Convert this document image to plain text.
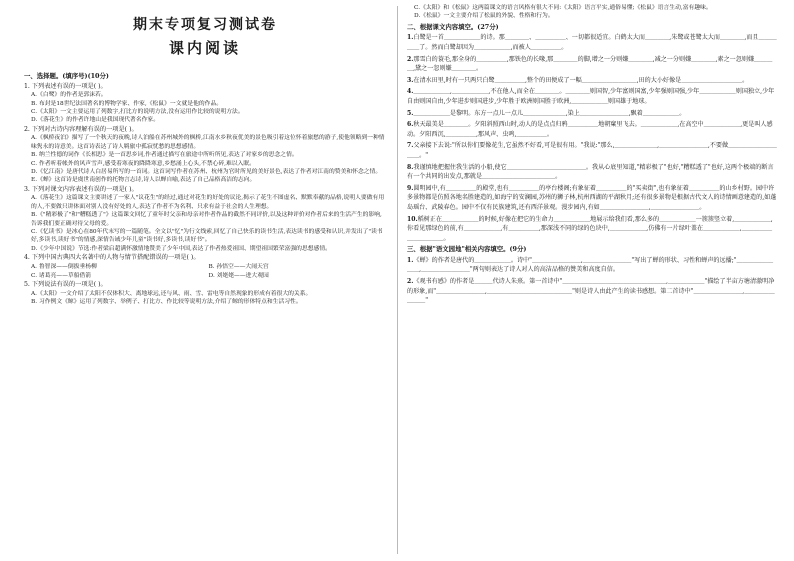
期末专项复习测试卷
课内阅读
一、选择题。(填序号)(10分)
1. 下列表述有误的一项是( )。
A.《白鹭》的作者是郭沫若。
B. 布封是18世纪法国著名的博物学家、作家,《松鼠》一文就是他的作品。
C.《太阳》一文主要运用了列数字,打比方的说明方法,没有运用作比较的说明方法。
D.《落花生》的作者许地山是我国现代著名作家。
2. 下列对古诗内容理解有误的一项是( )。
A.《枫桥夜泊》描写了一个秋天的夜晚,诗人泊船在苏州城外的枫桥,江南水乡秋夜优美的景色吸引着这位怀着旅愁的游子,使他领略到一种情味隽永的诗意美。这首诗表达了诗人羁旅中孤寂忧愁的思想感情。
B. 纳兰性德的词作《长相思》是一首思乡词,作者通过描写在旅途中所听所见,表达了对家乡的思念之情。
C. 作者听着帐外的风声雪声,感受着寒夜的降降寒意,乡愁涌上心头,不禁心碎,难以入眠。
D.《忆江南》是唐代诗人白居易所写的一首词。这首词写作者在苏州、杭州为官时所见的美好景色,表达了作者对江南的赞美和怀念之情。
E.《蝉》这首诗是虞世南创作的托物言志诗,诗人以蝉自喻,表达了自己品格高洁的志向。
3. 下列对课文内容表述有误的一项是( )。
A.《落花生》这篇课文主要讲述了一家人"议花生"的经过,通过对花生的好处的议论,揭示了花生不图虚名、默默奉献的品格,说明人要做有用的人,不要做只讲体面对别人没有好处的人,表达了作者不为名利、只求有益于社会的人生理想。
B.《"精彩极了"和"糟糕透了"》这篇课文回忆了童年时父亲和母亲对作者作品的截然不同评价,以及这种评价对作者后来的生活产生的影响,告诉我们要正确对待父母的爱。
C.《忆读书》是冰心在80年代末写的一篇随笔。全文以"忆"为行文线索,回忆了自己快乐的读书生活,表达读书的感受和认识,并发出了"读书好,多读书,读好书"的情感,深情告诫少年儿童"读书好,多读书,读好书"。
D.《少年中国说》节选:作者梁启超满怀激情地赞美了少年中国,表达了作者热爱祖国、期望祖国繁荣富强的思想感情。
4. 下列中国古典四大名著中的人物与情节搭配错误的一项是( )。
A. 鲁智深——倒拔垂杨柳	B. 孙悟空——大闹天宫
C. 诸葛亮——草船借箭	D. 刘姥姥——进大观园
5. 下列说法有误的一项是( )。
A.《太阳》一文介绍了太阳不仅体积大、离地球远,还与风、雨、雪、雷电等自然现象的形成有着很大的关系。
B. 习作例文《鲸》运用了列数字、举例子、打比方、作比较等说明方法,介绍了鲸的形体特点和生活习性。
C.《太阳》和《松鼠》这两篇课文的语言风格有很大不同:《太阳》语言平实,通俗易懂;《松鼠》语言生动,富有趣味。
D.《松鼠》一文主要介绍了松鼠的外貌、性格和行为。
二、根据课文内容填空。(27分)
1.白鹭是一首＿＿＿＿＿＿的诗。那＿＿＿＿、＿＿＿＿＿、一切都很适宜。白鹤太大而＿＿＿＿,朱鹭或苍鹭太大而＿＿＿＿,而且＿＿＿＿＿了。然而白鹭却因为＿＿＿＿＿＿,而被人＿＿＿＿＿。
2.那雪白的蓑毛,那全身的＿＿＿＿＿,那铁色的长喙,那＿＿＿＿的脚,增之一分则嫌＿＿＿＿,减之一分则嫌＿＿＿＿,素之一忽则嫌＿＿＿＿,黛之一忽则嫌＿＿＿＿。
3.在清水田里,时有一只两只白鹭＿＿＿＿＿,整个的田便成了一幅＿＿＿＿＿＿＿＿＿,田的大小好像是＿＿＿＿＿＿＿＿＿＿。
4.＿＿＿＿＿＿,＿＿＿＿＿＿,不在他人,而全在＿＿＿＿。＿＿＿＿则国智,少年富则国富,少年强则国强,少年＿＿＿＿＿＿则国独立,少年自由则国自由,少年进步则国进步,少年胜于欧洲则国胜于欧洲,＿＿＿＿＿＿则国雄于地球。
5.＿＿＿＿＿＿是黎明。东方一点儿一点儿＿＿＿＿＿＿＿,染上＿＿＿＿＿＿＿＿,飘着＿＿＿＿＿＿。
6.秋天最美是＿＿＿＿。夕阳斜照西山时,动人的是点点归鸦＿＿＿＿＿地朝窠里飞去。＿＿＿＿＿＿,在高空中＿＿＿＿＿＿,更是叫人感动。夕阳西沉,＿＿＿＿＿,那风声、虫鸣,＿＿＿＿＿。
7.父亲接下去说:"所以你们要像花生,它虽然不好看,可是很有用。"我说:"那么,＿＿＿＿＿＿＿,＿＿＿＿＿＿＿＿,不要做＿＿＿＿＿＿＿＿＿＿。"
8.我谨慎地把握住我生活的小船,使它＿＿＿＿＿＿＿＿＿＿＿＿＿。我从心底里知道,"精彩极了"也好,"糟糕透了"也好,这两个极端的断言有一个共同的出发点,那就是＿＿＿＿＿＿＿＿＿＿＿＿。
9.圆明园中,有＿＿＿＿＿的殿堂,也有＿＿＿＿＿的亭台楼阁;有象征着＿＿＿＿＿的"买卖街",也有象征着＿＿＿＿＿的山乡村野。园中许多景物都是仿照各地名胜建造的,如海宁的安澜园,苏州的狮子林,杭州西湖的平湖秋月;还有很多景物是根据古代文人的诗情画意建造的,如蓬岛瑶台、武陵春色。园中不仅有民族建筑,还有西洋景观。漫步园内,有如＿＿＿＿＿＿＿＿,＿＿＿＿＿＿＿＿。
10.稻树正在＿＿＿＿＿＿的时候,好像在把它的生命力＿＿＿＿＿＿地展示给我们看,那么多的＿＿＿＿＿＿一簇簇竖立着,＿＿＿＿＿＿,你看见那绿色的前,有＿＿＿＿＿＿,有＿＿＿＿＿,那深浅不同的绿的色块中,＿＿＿＿＿＿,仿佛有一片绿叶盖在＿＿＿＿＿＿,＿＿＿＿＿＿＿＿＿＿＿。
三、根据"语文园地"相关内容填空。(9分)
1.《蝉》的作者是唐代的＿＿＿＿＿＿。诗中"＿＿＿＿＿＿＿＿,＿＿＿＿＿＿＿＿"写出了蝉的形状、习性和蝉声的远播;"＿＿＿＿＿＿＿＿,＿＿＿＿＿＿＿＿"两句则表达了诗人对人的高洁品格的赞美和高度自信。
2.《观书有感》的作者是＿＿＿代诗人朱熹。第一首诗中"＿＿＿＿＿＿＿＿＿＿＿＿＿＿＿＿＿,＿＿＿＿＿＿"描绘了半亩方塘清澈明净的形象,而"＿＿＿＿＿＿＿＿,＿＿＿＿＿＿＿＿＿＿＿＿＿＿"则是诗人由此产生的读书感想。第二首诗中"＿＿＿＿＿＿＿＿,＿＿＿＿＿＿＿＿"
